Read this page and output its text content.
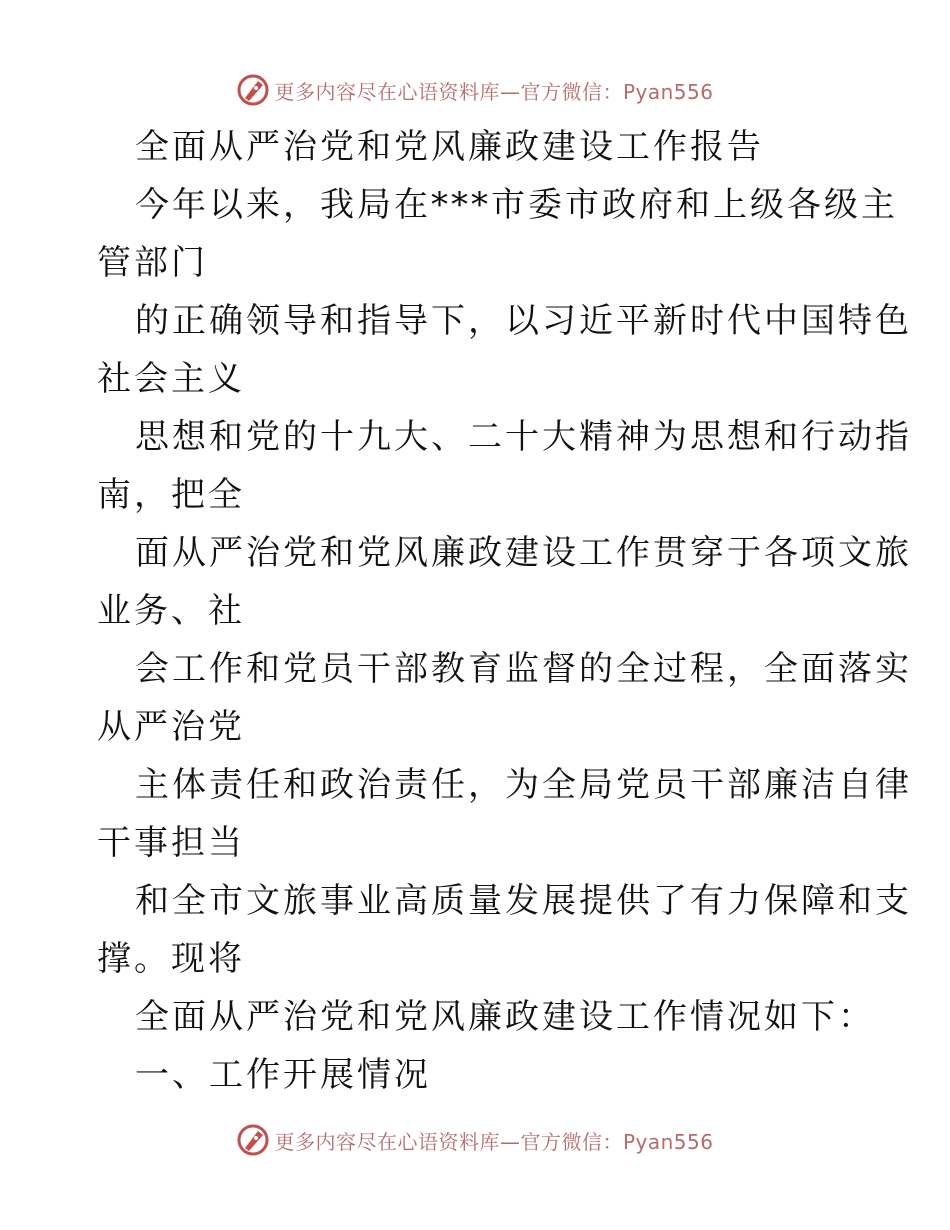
更多内容尽在心语资料库—官方微信：Pyan556
全面从严治党和党风廉政建设工作报告
今年以来，我局在***市委市政府和上级各级主
管部门
的正确领导和指导下，以习近平新时代中国特色
社会主义
思想和党的十九大、二十大精神为思想和行动指
南，把全
面从严治党和党风廉政建设工作贯穿于各项文旅
业务、社
会工作和党员干部教育监督的全过程，全面落实
从严治党
主体责任和政治责任，为全局党员干部廉洁自律
干事担当
和全市文旅事业高质量发展提供了有力保障和支
撑。现将
全面从严治党和党风廉政建设工作情况如下：
一、工作开展情况
更多内容尽在心语资料库—官方微信：Pyan556
